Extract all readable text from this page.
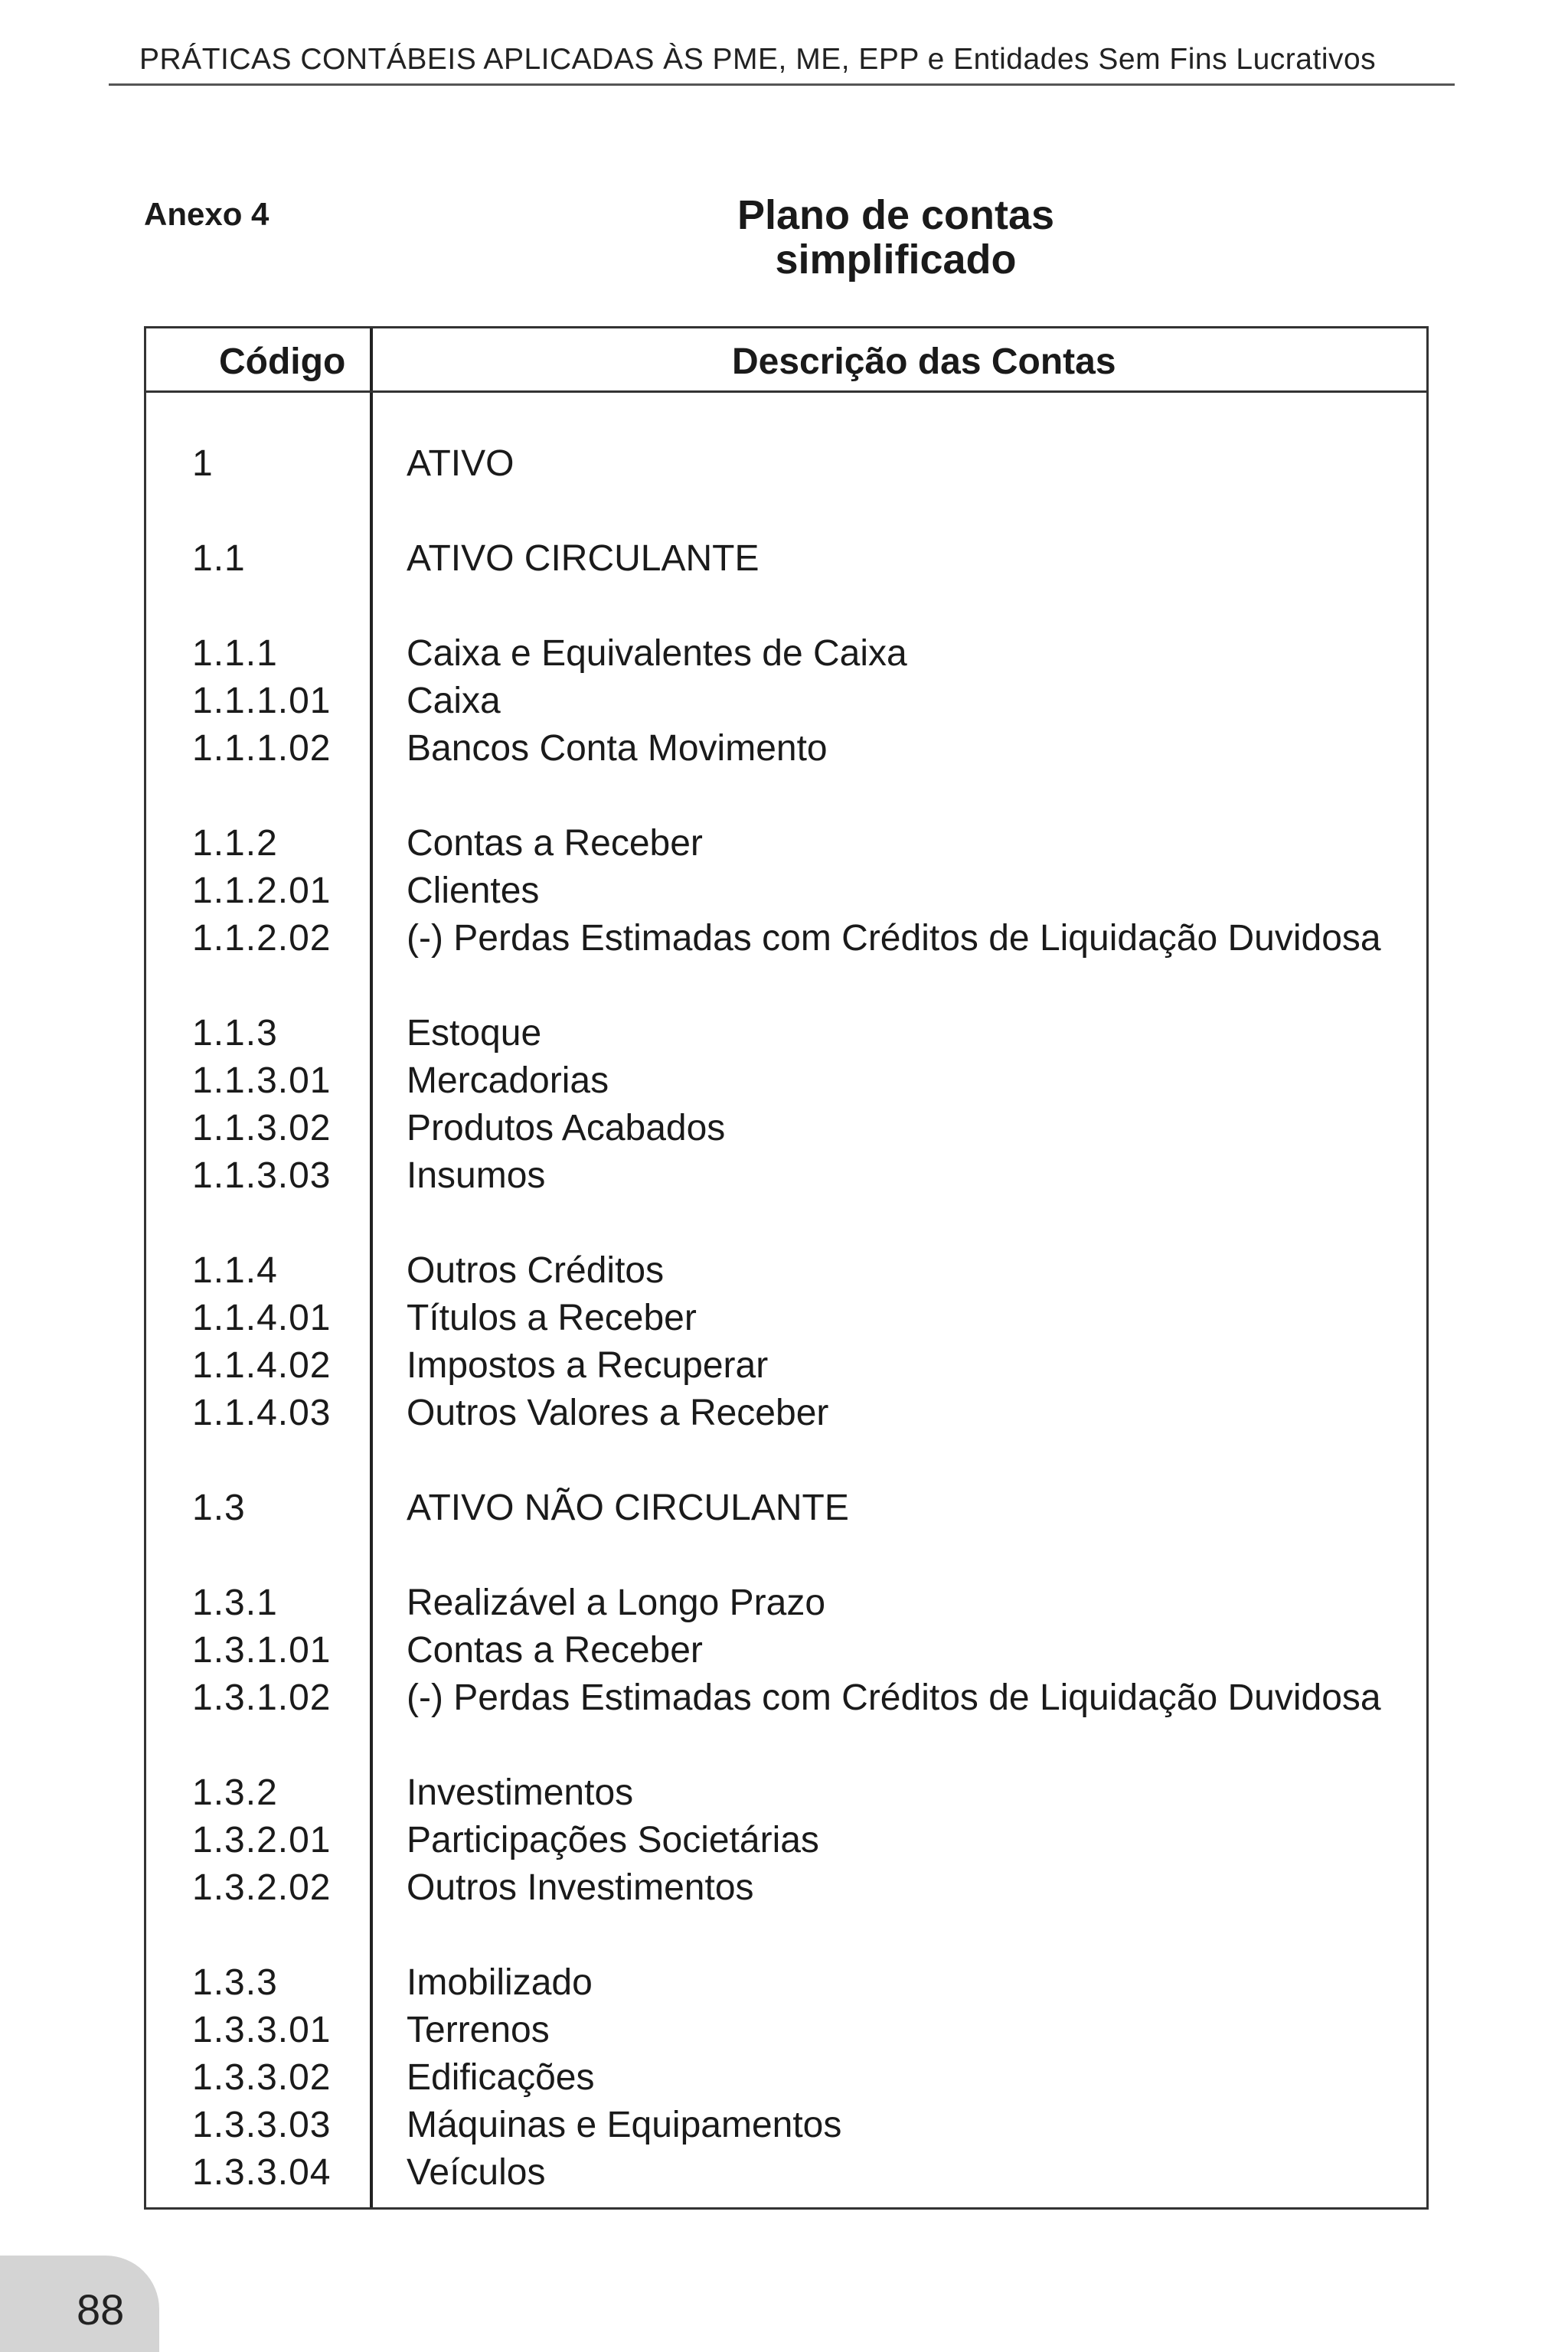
PRÁTICAS CONTÁBEIS APLICADAS ÀS PME, ME, EPP e Entidades Sem Fins Lucrativos
Anexo 4	Plano de contas
simplificado
Código	Descrição das Contas
1	ATIVO
1.1	ATIVO CIRCULANTE
1.1.1	Caixa e Equivalentes de Caixa
1.1.1.01 Caixa
1.1.1.02 Bancos Conta Movimento
1.1.2	Contas a Receber
1.1.2.01 Clientes
1.1.2.02 (-) Perdas Estimadas com Créditos de Liquidação Duvidosa
1.1.3	Estoque
1.1.3.01 Mercadorias
1.1.3.02 Produtos Acabados
1.1.3.03 Insumos
1.1.4	Outros Créditos
1.1.4.01 Títulos a Receber
1.1.4.02 Impostos a Recuperar
1.1.4.03 Outros Valores a Receber
1.3	ATIVO NÃO CIRCULANTE
1.3.1	Realizável a Longo Prazo
1.3.1.01 Contas a Receber
1.3.1.02 (-) Perdas Estimadas com Créditos de Liquidação Duvidosa
1.3.2	Investimentos
1.3.2.01 Participações Societárias
1.3.2.02 Outros Investimentos
1.3.3	Imobilizado
1.3.3.01 Terrenos
1.3.3.02 Edificações
1.3.3.03 Máquinas e Equipamentos
1.3.3.04 Veículos
88
